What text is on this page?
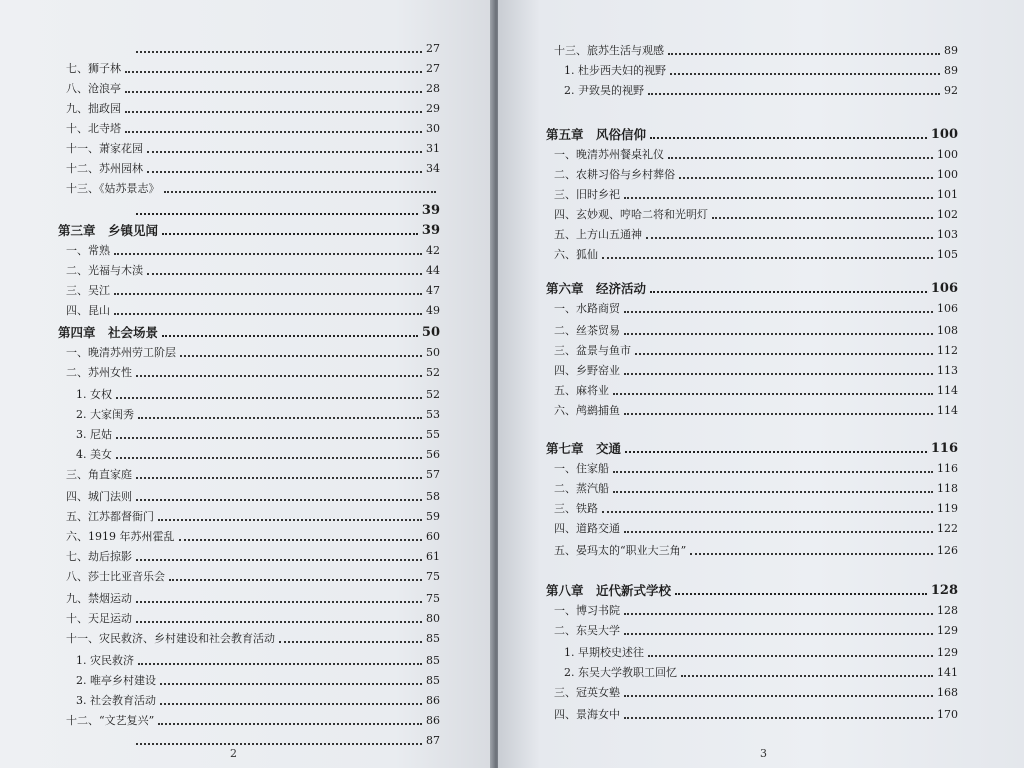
27
七、狮子林	27
八、沧浪亭	28
九、拙政园	29
十、北寺塔	30
十一、萧家花园	31
十二、苏州园林	34
十三、《姑苏景志》
39
第三章　乡镇见闻	39
一、常熟	42
二、光福与木渎	44
三、吴江	47
四、昆山	49
第四章　社会场景	50
一、晚清苏州劳工阶层	50
二、苏州女性	52
1. 女权	52
2. 大家闺秀	53
3. 尼姑	55
4. 美女	56
三、角直家庭	57
四、城门法则	58
五、江苏都督衙门	59
六、1919 年苏州霍乱	60
七、劫后掠影	61
八、莎士比亚音乐会	75
九、禁烟运动	75
十、天足运动	80
十一、灾民救济、乡村建设和社会教育活动	85
1. 灾民救济	85
2. 唯亭乡村建设	85
3. 社会教育活动	86
十二、“文艺复兴”	86
87
2
十三、旅苏生活与观感	89
1. 杜步西夫妇的视野	89
2. 尹致昊的视野	92
第五章　风俗信仰	100
一、晚清苏州餐桌礼仪	100
二、农耕习俗与乡村葬俗	100
三、旧时乡祀	101
四、玄妙观、哼哈二将和光明灯	102
五、上方山五通神	103
六、狐仙	105
第六章　经济活动	106
一、水路商贸	106
二、丝茶贸易	108
三、盆景与鱼市	112
四、乡野窑业	113
五、麻将业	114
六、鸬鹚捕鱼	114
第七章　交通	116
一、住家船	116
二、蒸汽船	118
三、铁路	119
四、道路交通	122
五、晏玛太的“职业大三角”	126
第八章　近代新式学校	128
一、博习书院	128
二、东吴大学	129
1. 早期校史述往	129
2. 东吴大学教职工回忆	141
三、冠英女塾	168
四、景海女中	170
3
